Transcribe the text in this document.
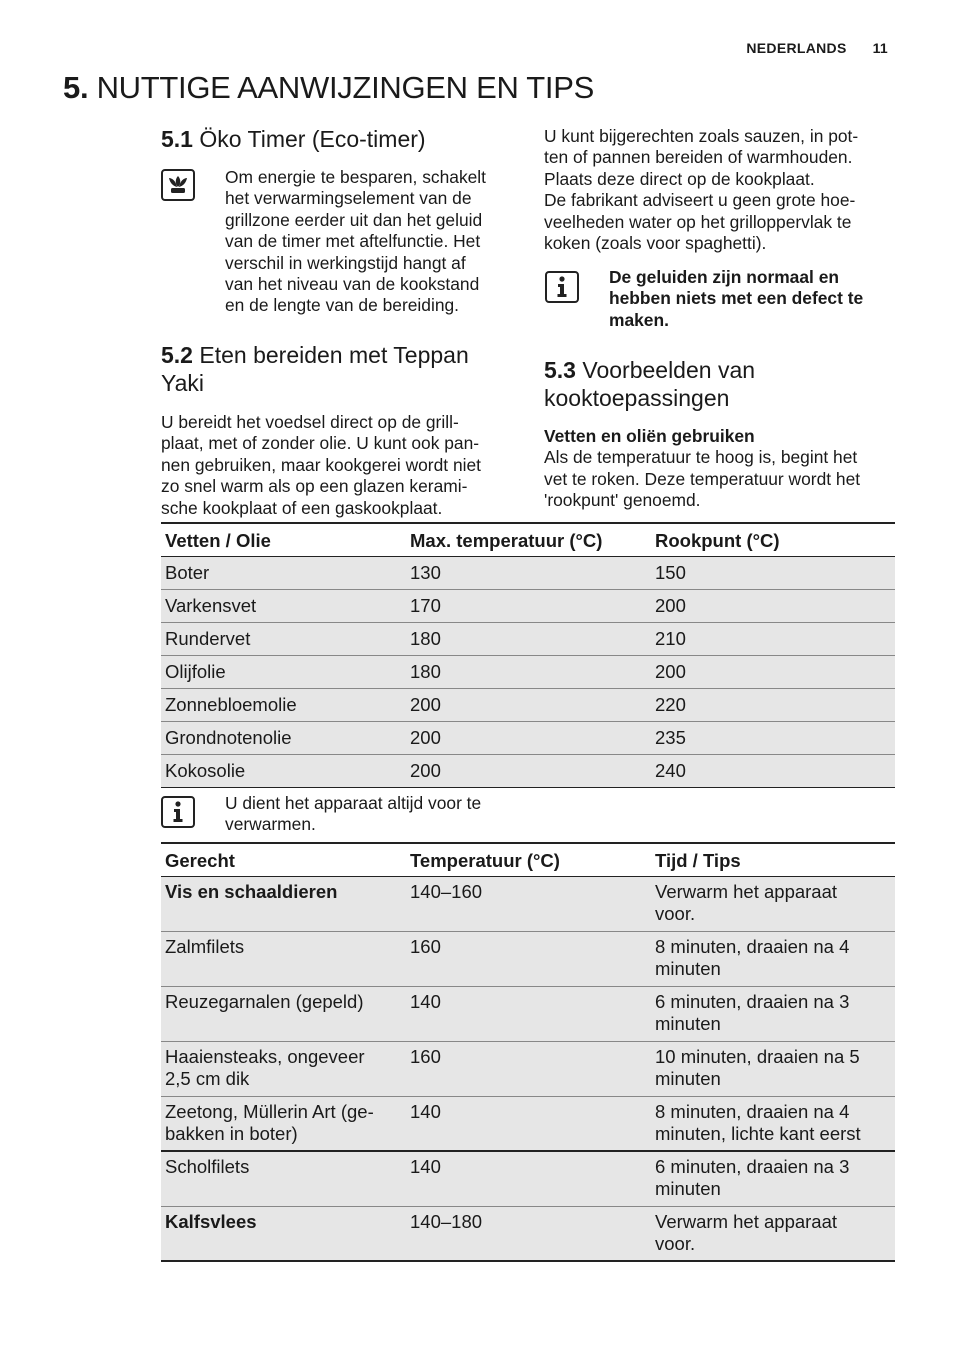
NEDERLANDS 11
5. NUTTIGE AANWIJZINGEN EN TIPS
5.1 Öko Timer (Eco-timer)

Om energie te besparen, schakelt

het verwarmingselement van de

grillzone eerder uit dan het geluid

van de timer met aftelfunctie. Het

verschil in werkingstijd hangt af

van het niveau van de kookstand

en de lengte van de bereiding.

5.2 Eten bereiden met Teppan
Yaki

U bereidt het voedsel direct op de grill-

plaat, met of zonder olie. U kunt ook pan-

nen gebruiken, maar kookgerei wordt niet

zo snel warm als op een glazen kerami-

sche kookplaat of een gaskookplaat.

U kunt bijgerechten zoals sauzen, in pot-

ten of pannen bereiden of warmhouden.

Plaats deze direct op de kookplaat.

De fabrikant adviseert u geen grote hoe-

veelheden water op het grilloppervlak te

koken (zoals voor spaghetti).

De geluiden zijn normaal en

hebben niets met een defect te

maken.

5.3 Voorbeelden van
kooktoepassingen

Vetten en oliën gebruiken

Als de temperatuur te hoog is, begint het

vet te roken. Deze temperatuur wordt het

'rookpunt' genoemd.

Vetten / Olie	Max. temperatuur (°C)	Rookpunt (°C)
Boter	130	150
Varkensvet	170	200
Rundervet	180	210
Olijfolie	180	200
Zonnebloemolie	200	220
Grondnotenolie	200	235
Kokosolie	200	240

U dient het apparaat altijd voor te

verwarmen.

Gerecht	Temperatuur (°C)	Tijd / Tips
Vis en schaaldieren	140–160	Verwarm het apparaat
voor.
Zalmfilets	160	8 minuten, draaien na 4
minuten
Reuzegarnalen (gepeld)	140	6 minuten, draaien na 3
minuten
Haaiensteaks, ongeveer
2,5 cm dik	160	10 minuten, draaien na 5
minuten
Zeetong, Müllerin Art (ge-
bakken in boter)	140	8 minuten, draaien na 4
minuten, lichte kant eerst
Scholfilets	140	6 minuten, draaien na 3
minuten
Kalfsvlees	140–180	Verwarm het apparaat
voor.
